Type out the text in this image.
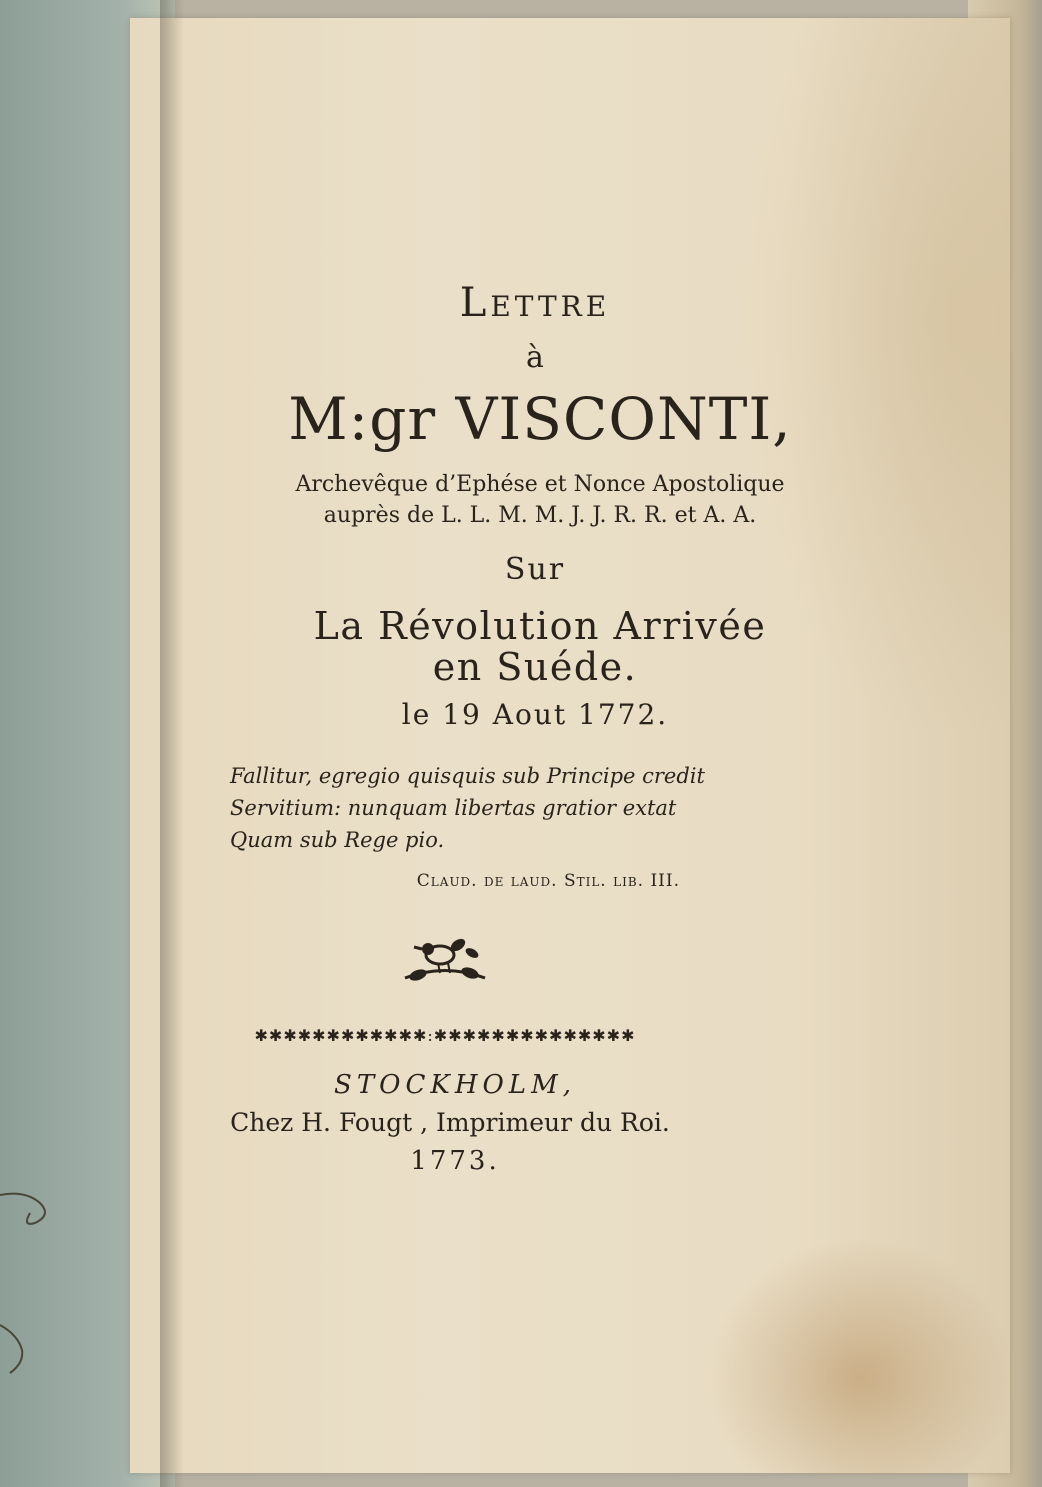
Lettre
à
M:gr VISCONTI,
Archevêque d’Ephése et Nonce Apostolique
auprès de L. L. M. M. J. J. R. R. et A. A.
Sur
La Révolution Arrivée
en Suéde.
le 19 Aout 1772.
Fallitur, egregio quisquis sub Principe credit
Servitium: nunquam libertas gratior extat
Quam sub Rege pio.
Claud. de laud. Stil. lib. III.
✱✱✱✱✱✱✱✱✱✱✱✱:✱✱✱✱✱✱✱✱✱✱✱✱✱✱
STOCKHOLM,
Chez H. Fougt , Imprimeur du Roi.
1773.
